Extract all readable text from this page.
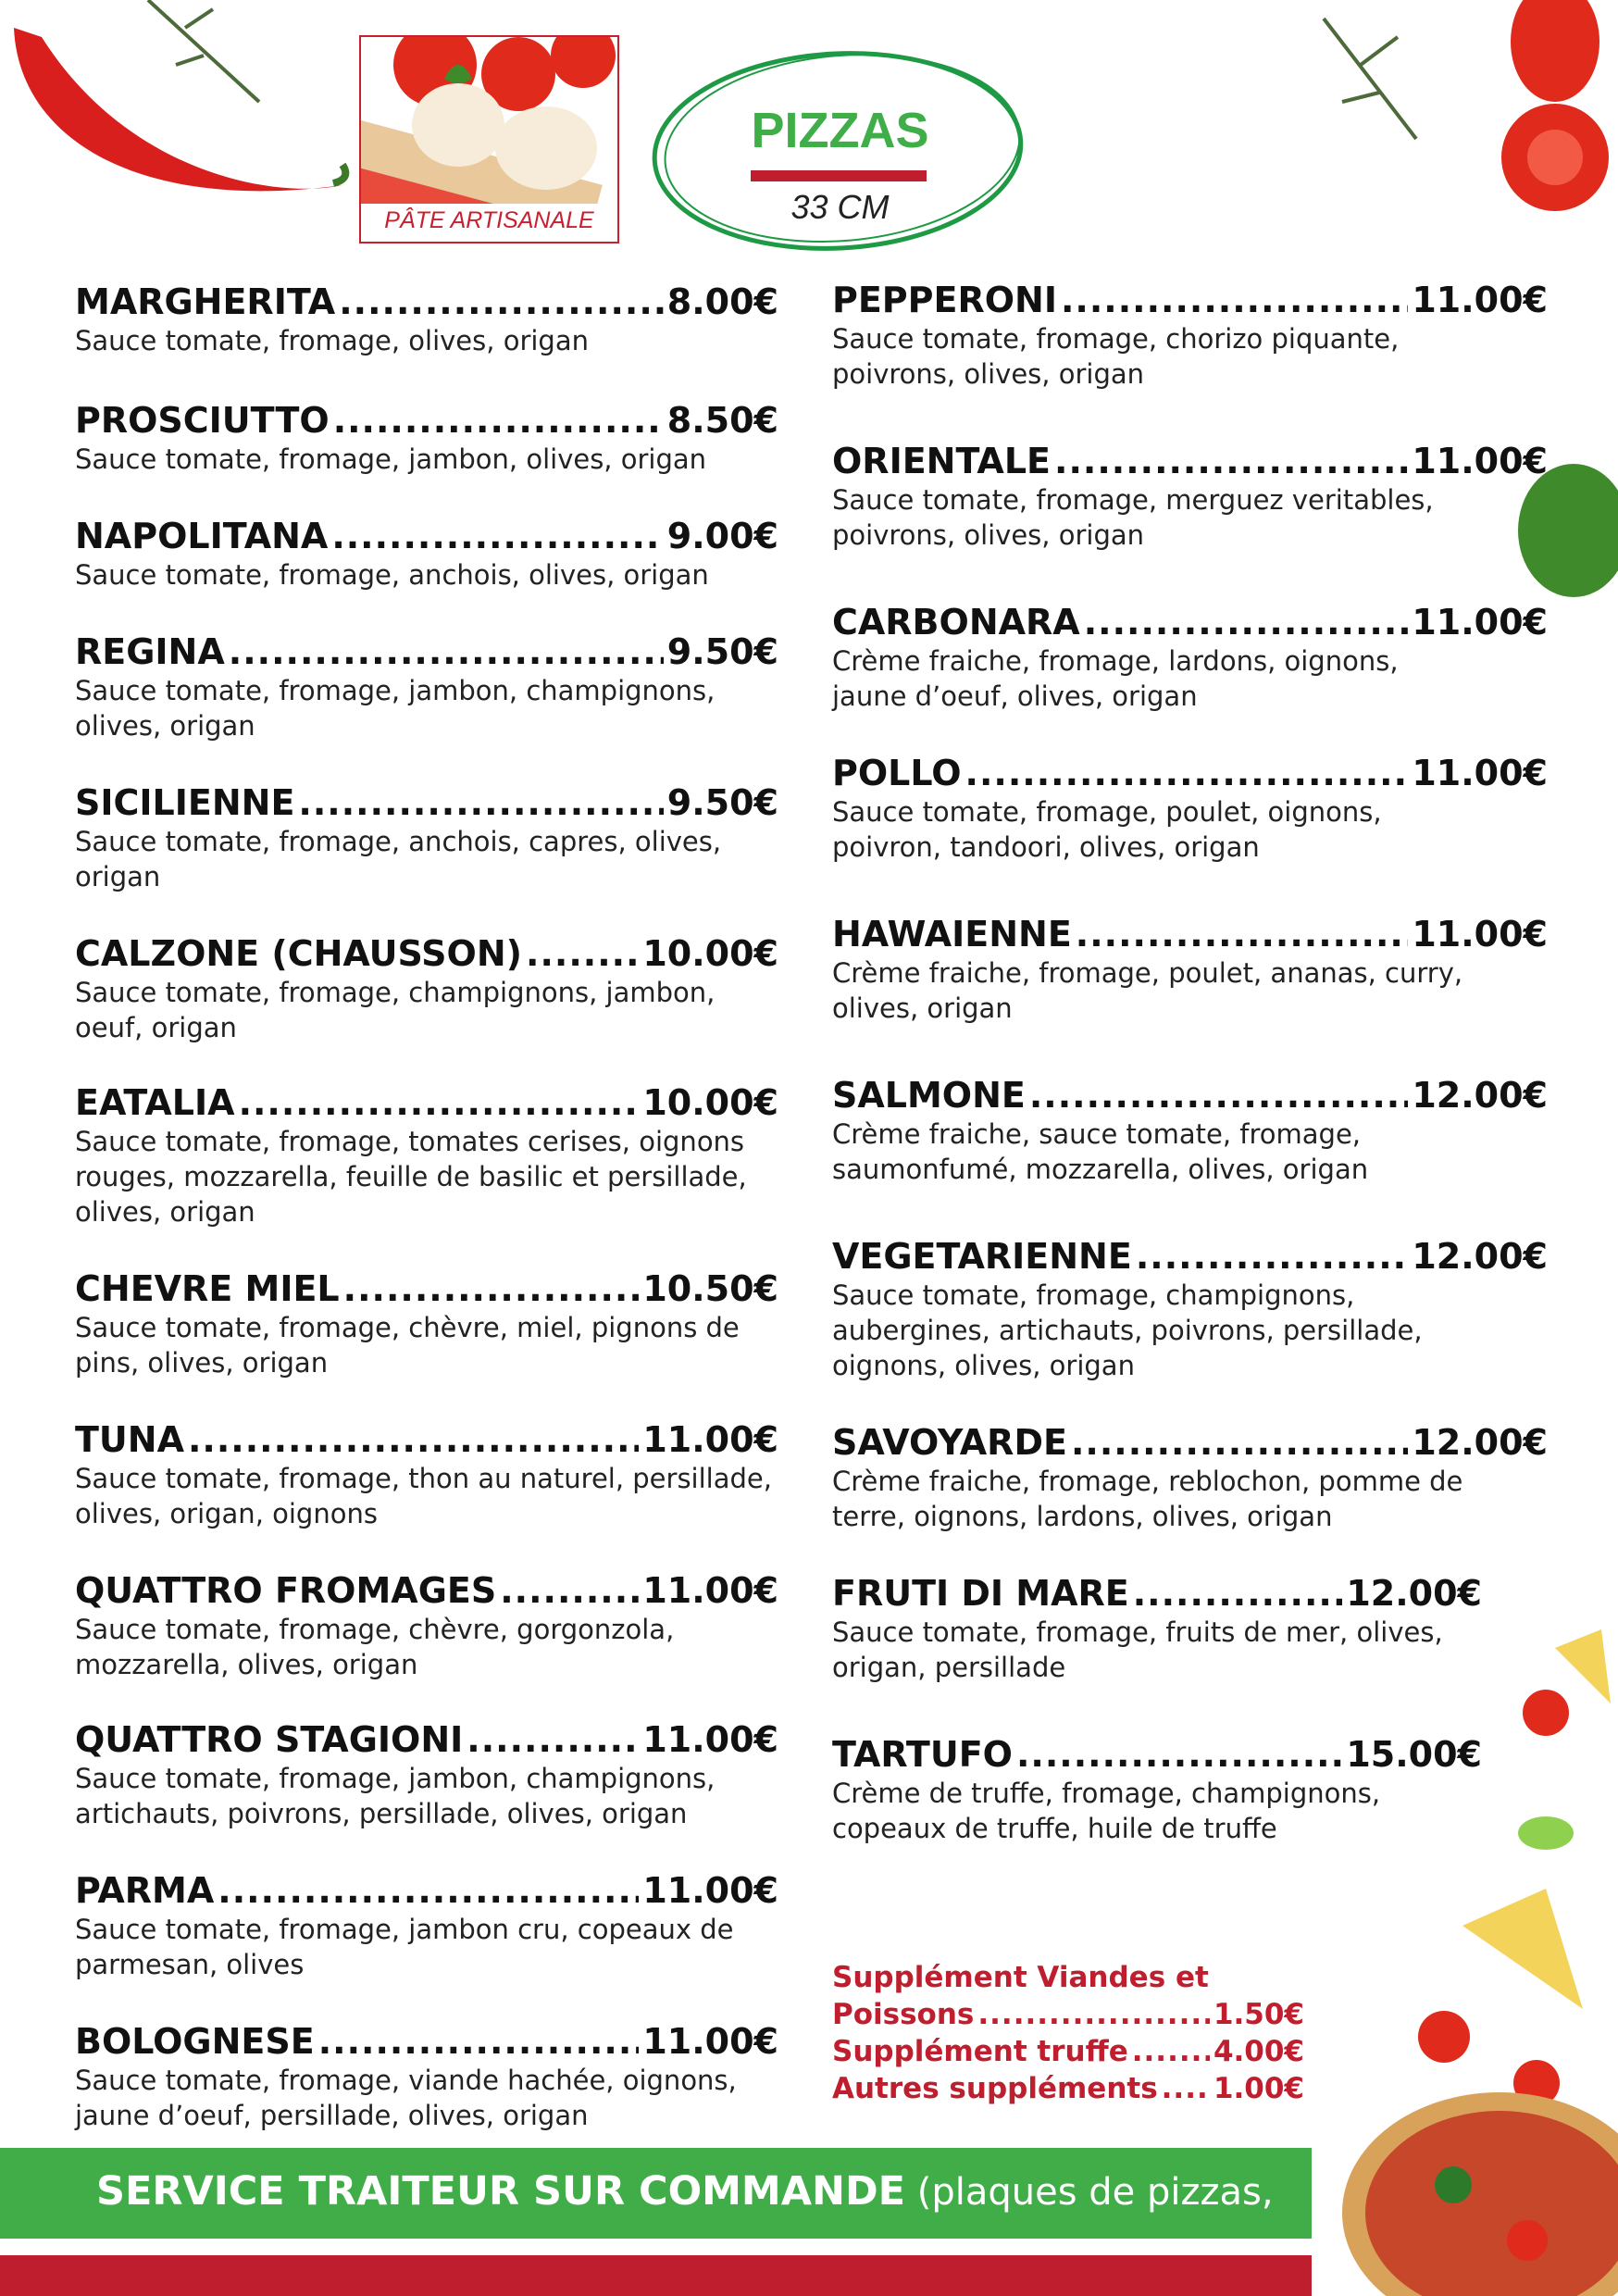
PÂTE ARTISANALE
PIZZAS
33 CM
MARGHERITA .....	8.00€
Sauce tomate, fromage, olives, origan
PROSCIUTTO .....	8.50€
Sauce tomate, fromage, jambon, olives, origan
NAPOLITANA .....	9.00€
Sauce tomate, fromage, anchois, olives, origan
REGINA .....	9.50€
Sauce tomate, fromage, jambon, champignons, olives, origan
SICILIENNE .....	9.50€
Sauce tomate, fromage, anchois, capres, olives, origan
CALZONE (CHAUSSON) .....	10.00€
Sauce tomate, fromage, champignons, jambon, oeuf, origan
EATALIA .....	10.00€
Sauce tomate, fromage, tomates cerises, oignons rouges, mozzarella, feuille de basilic et persillade, olives, origan
CHEVRE MIEL .....	10.50€
Sauce tomate, fromage, chèvre, miel, pignons de pins, olives, origan
TUNA .....	11.00€
Sauce tomate, fromage, thon au naturel, persillade, olives, origan, oignons
QUATTRO FROMAGES .....	11.00€
Sauce tomate, fromage, chèvre, gorgonzola, mozzarella, olives, origan
QUATTRO STAGIONI .....	11.00€
Sauce tomate, fromage, jambon, champignons, artichauts, poivrons, persillade, olives, origan
PARMA .....	11.00€
Sauce tomate, fromage, jambon cru, copeaux de parmesan, olives
BOLOGNESE .....	11.00€
Sauce tomate, fromage, viande hachée, oignons, jaune d’oeuf, persillade, olives, origan
PEPPERONI .....	11.00€
Sauce tomate, fromage, chorizo piquante, poivrons, olives, origan
ORIENTALE .....	11.00€
Sauce tomate, fromage, merguez veritables, poivrons, olives, origan
CARBONARA .....	11.00€
Crème fraiche, fromage, lardons, oignons, jaune d’oeuf, olives, origan
POLLO .....	11.00€
Sauce tomate, fromage, poulet, oignons, poivron, tandoori, olives, origan
HAWAIENNE .....	11.00€
Crème fraiche, fromage, poulet, ananas, curry, olives, origan
SALMONE .....	12.00€
Crème fraiche, sauce tomate, fromage, saumonfumé, mozzarella, olives, origan
VEGETARIENNE .....	12.00€
Sauce tomate, fromage, champignons, aubergines, artichauts, poivrons, persillade, oignons, olives, origan
SAVOYARDE .....	12.00€
Crème fraiche, fromage, reblochon, pomme de terre, oignons, lardons, olives, origan
FRUTI DI MARE .....	12.00€
Sauce tomate, fromage, fruits de mer, olives, origan, persillade
TARTUFO .....	15.00€
Crème de truffe, fromage, champignons, copeaux de truffe, huile de truffe
Supplément Viandes et
Poissons .....	1.50€
Supplément truffe .....	4.00€
Autres suppléments ..... 1.00€
SERVICE TRAITEUR SUR COMMANDE (plaques de pizzas,
